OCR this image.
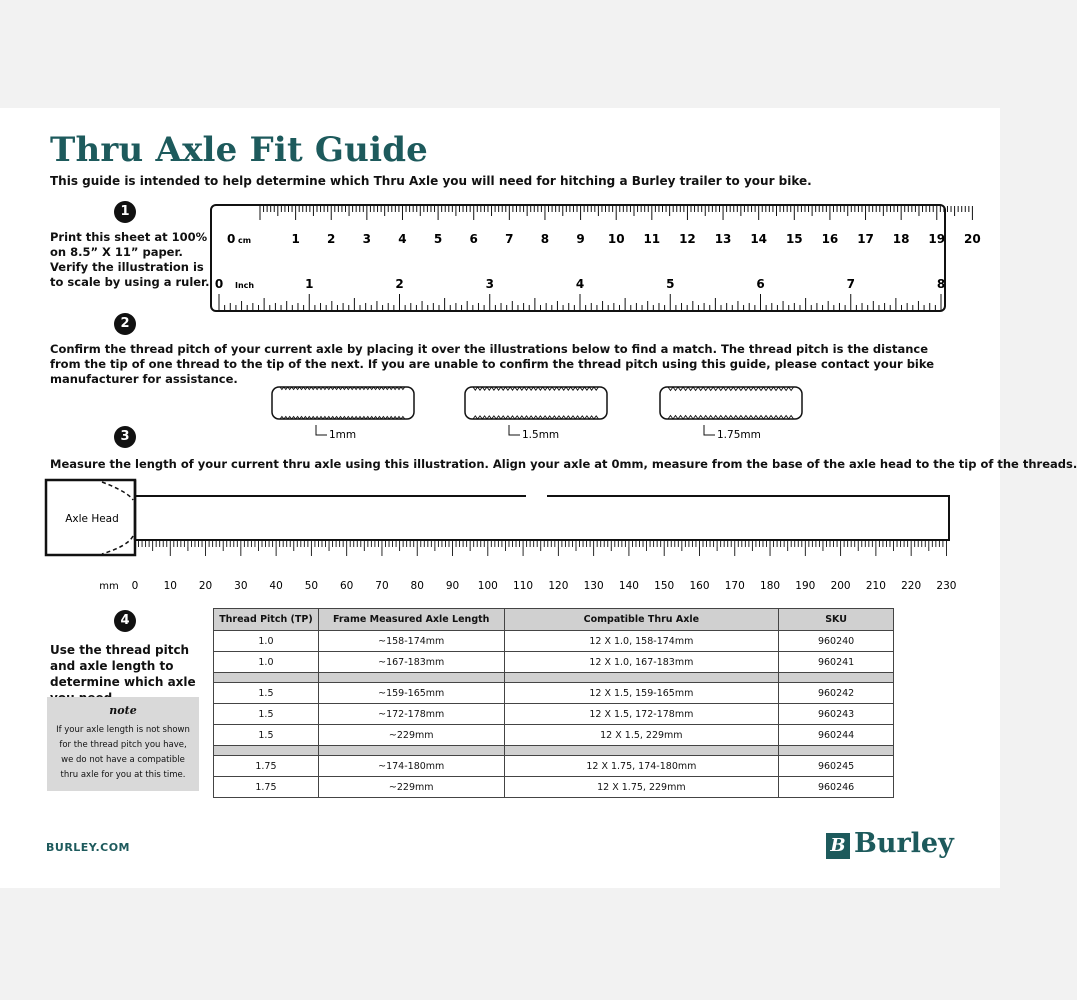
Thru Axle Fit Guide
This guide is intended to help determine which Thru Axle you will need for hitching a Burley trailer to your bike.
1
Print this sheet at 100% on 8.5” X 11” paper. Verify the illustration is to scale by using a ruler.
0	1 2 3 4 5 6 7 8 9 10 11 12 13 14 15 16 17 18 19 20
0	1	2	3	4	5	6	7	8
cm
Inch
2
Confirm the thread pitch of your current axle by placing it over the illustrations below to find a match. The thread pitch is the distance from the tip of one thread to the tip of the next. If you are unable to confirm the thread pitch using this guide, please contact your bike manufacturer for assistance.
1mm	1.5mm	1.75mm
3
Measure the length of your current thru axle using this illustration. Align your axle at 0mm, measure from the base of the axle head to the tip of the threads.
Axle Head
0 10 20 30 40 50 60 70 80 90 100 110 120 130 140 150 160 170 180 190 200 210 220 230
mm
4
Use the thread pitch and axle length to determine which axle
note
If your axle length is not shown for the thread pitch you have, we do not have a compatible thru axle for you at this time.
Thread Pitch (TP)	Frame Measured Axle Length	Compatible Thru Axle	SKU
1.0	~158-174mm	12 X 1.0, 158-174mm	960240
1.0	~167-183mm	12 X 1.0, 167-183mm	960241

1.5	~159-165mm	12 X 1.5, 159-165mm	960242
1.5	~172-178mm	12 X 1.5, 172-178mm	960243
1.5	~229mm	12 X 1.5, 229mm	960244

1.75	~174-180mm	12 X 1.75, 174-180mm	960245
1.75	~229mm	12 X 1.75, 229mm	960246
BURLEY.COM	B Burley
